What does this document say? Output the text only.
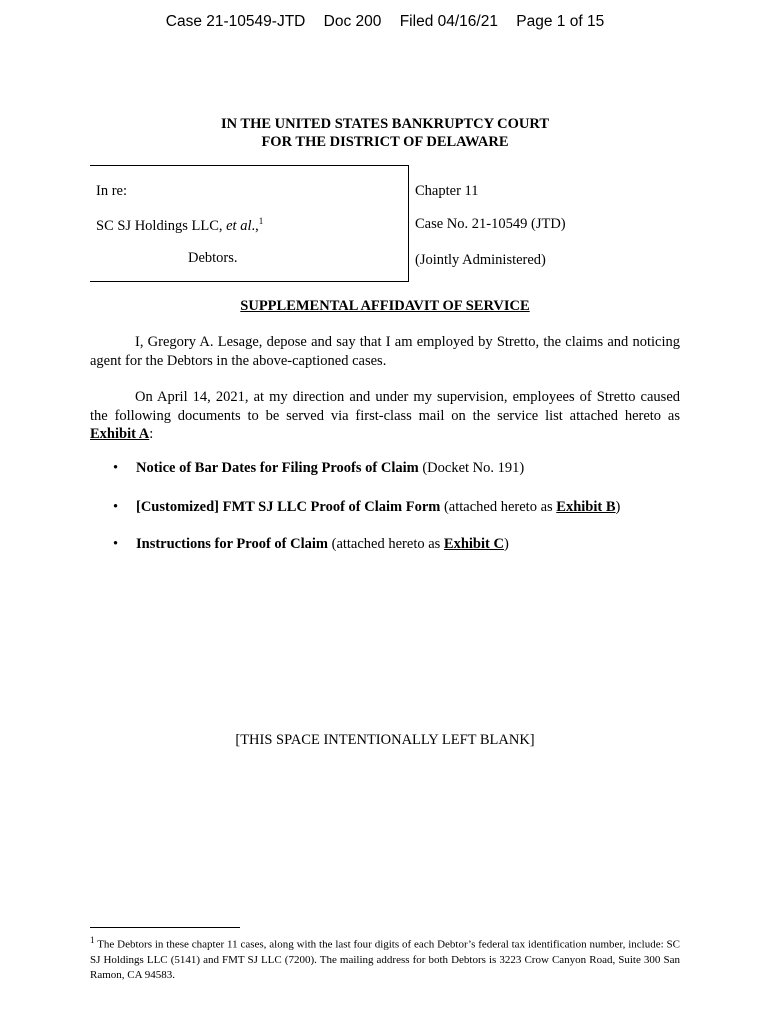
Case 21-10549-JTD Doc 200 Filed 04/16/21 Page 1 of 15
IN THE UNITED STATES BANKRUPTCY COURT
FOR THE DISTRICT OF DELAWARE
In re:
SC SJ Holdings LLC, et al.,$^1$
Debtors.
Chapter 11
Case No. 21-10549 (JTD)
(Jointly Administered)
SUPPLEMENTAL AFFIDAVIT OF SERVICE
I, Gregory A. Lesage, depose and say that I am employed by Stretto, the claims and noticing agent for the Debtors in the above-captioned cases.
On April 14, 2021, at my direction and under my supervision, employees of Stretto caused the following documents to be served via first-class mail on the service list attached hereto as Exhibit A:
• Notice of Bar Dates for Filing Proofs of Claim (Docket No. 191)
• [Customized] FMT SJ LLC Proof of Claim Form (attached hereto as Exhibit B)
• Instructions for Proof of Claim (attached hereto as Exhibit C)
[THIS SPACE INTENTIONALLY LEFT BLANK]
$^1$ The Debtors in these chapter 11 cases, along with the last four digits of each Debtor’s federal tax identification number, include: SC SJ Holdings LLC (5141) and FMT SJ LLC (7200). The mailing address for both Debtors is 3223 Crow Canyon Road, Suite 300 San Ramon, CA 94583.
